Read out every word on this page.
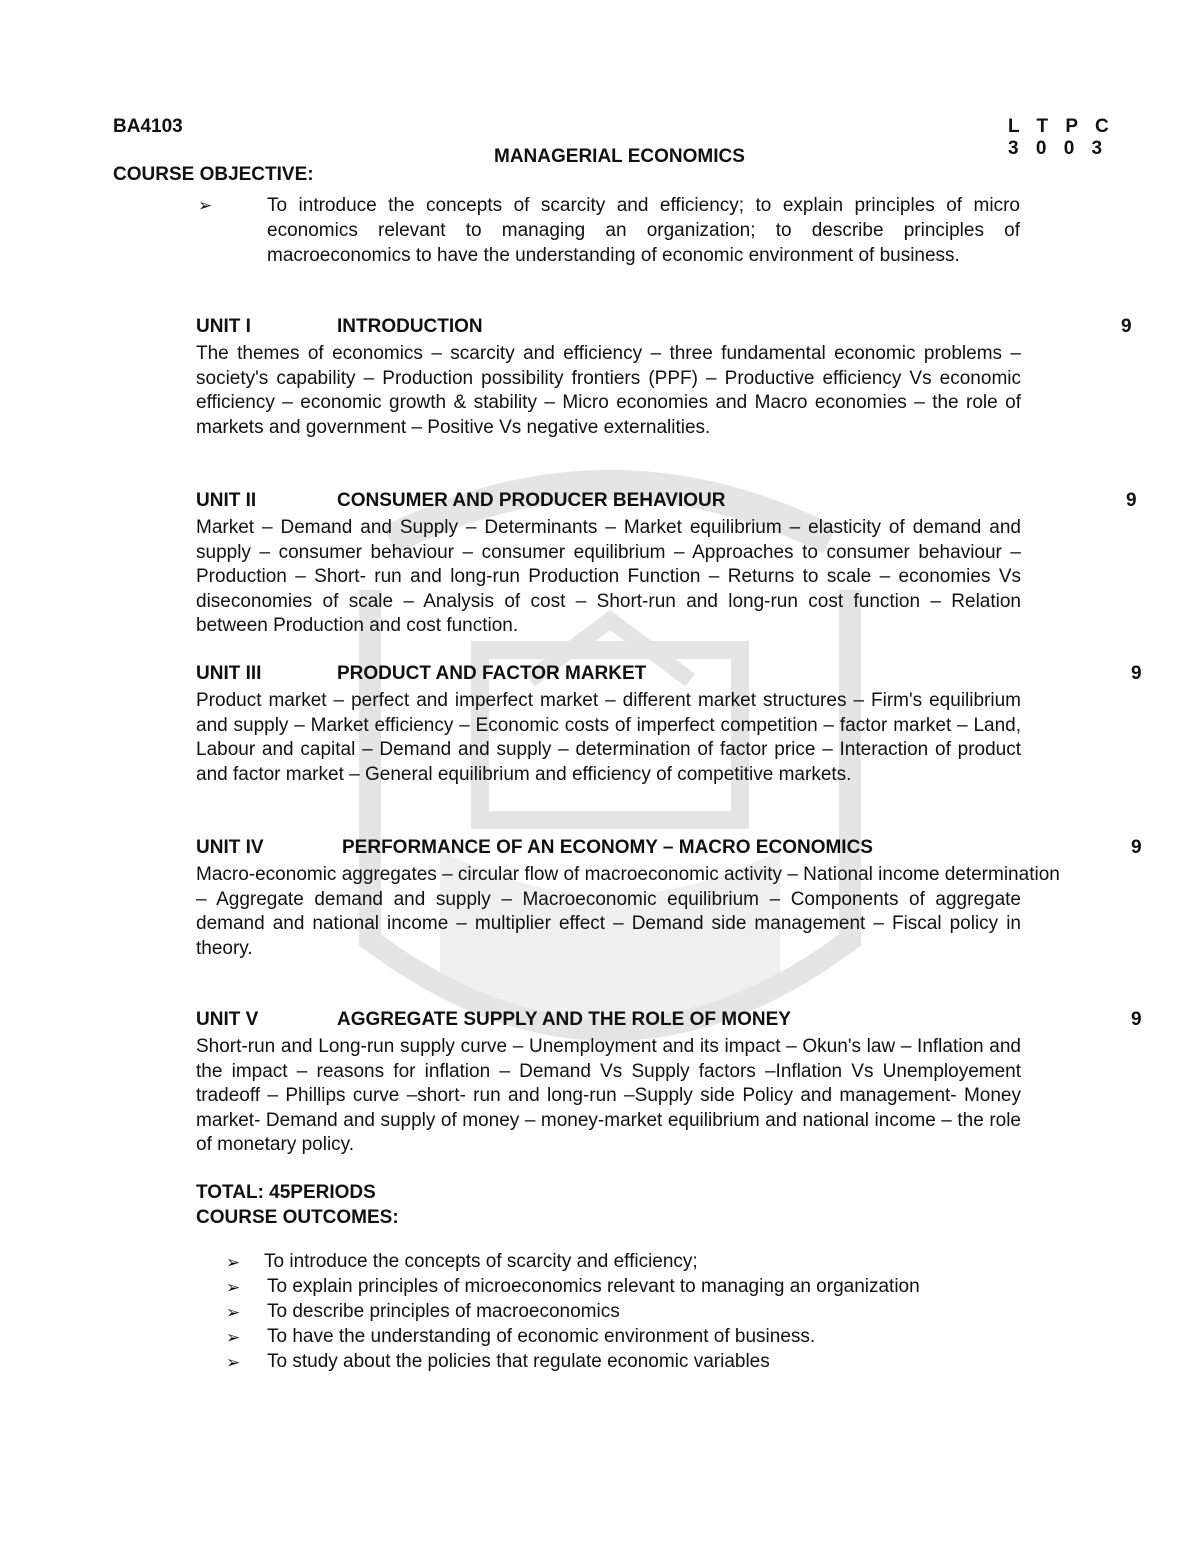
BA4103	L T P C
3 0 0 3
MANAGERIAL ECONOMICS
COURSE OBJECTIVE:
➢	To introduce the concepts of scarcity and efficiency; to explain principles of micro economics relevant to managing an organization; to describe principles of macroeconomics to have the understanding of economic environment of business.
UNIT I	INTRODUCTION	9
The themes of economics – scarcity and efficiency – three fundamental economic problems – society's capability – Production possibility frontiers (PPF) – Productive efficiency Vs economic efficiency – economic growth & stability – Micro economies and Macro economies – the role of markets and government – Positive Vs negative externalities.
UNIT II	CONSUMER AND PRODUCER BEHAVIOUR	9
Market – Demand and Supply – Determinants – Market equilibrium – elasticity of demand and supply – consumer behaviour – consumer equilibrium – Approaches to consumer behaviour – Production – Short- run and long-run Production Function – Returns to scale – economies Vs diseconomies of scale – Analysis of cost – Short-run and long-run cost function – Relation between Production and cost function.
UNIT III	PRODUCT AND FACTOR MARKET	9
Product market – perfect and imperfect market – different market structures – Firm's equilibrium and supply – Market efficiency – Economic costs of imperfect competition – factor market – Land, Labour and capital – Demand and supply – determination of factor price – Interaction of product and factor market – General equilibrium and efficiency of competitive markets.
UNIT IV	PERFORMANCE OF AN ECONOMY – MACRO ECONOMICS	9
Macro-economic aggregates – circular flow of macroeconomic activity – National income determination
– Aggregate demand and supply – Macroeconomic equilibrium – Components of aggregate demand and national income – multiplier effect – Demand side management – Fiscal policy in theory.
UNIT V	AGGREGATE SUPPLY AND THE ROLE OF MONEY	9
Short-run and Long-run supply curve – Unemployment and its impact – Okun's law – Inflation and the impact – reasons for inflation – Demand Vs Supply factors –Inflation Vs Unemployement tradeoff – Phillips curve –short- run and long-run –Supply side Policy and management- Money market- Demand and supply of money – money-market equilibrium and national income – the role of monetary policy.
TOTAL: 45PERIODS
COURSE OUTCOMES:
➢ To introduce the concepts of scarcity and efficiency;
➢ To explain principles of microeconomics relevant to managing an organization
➢ To describe principles of macroeconomics
➢ To have the understanding of economic environment of business.
➢ To study about the policies that regulate economic variables
